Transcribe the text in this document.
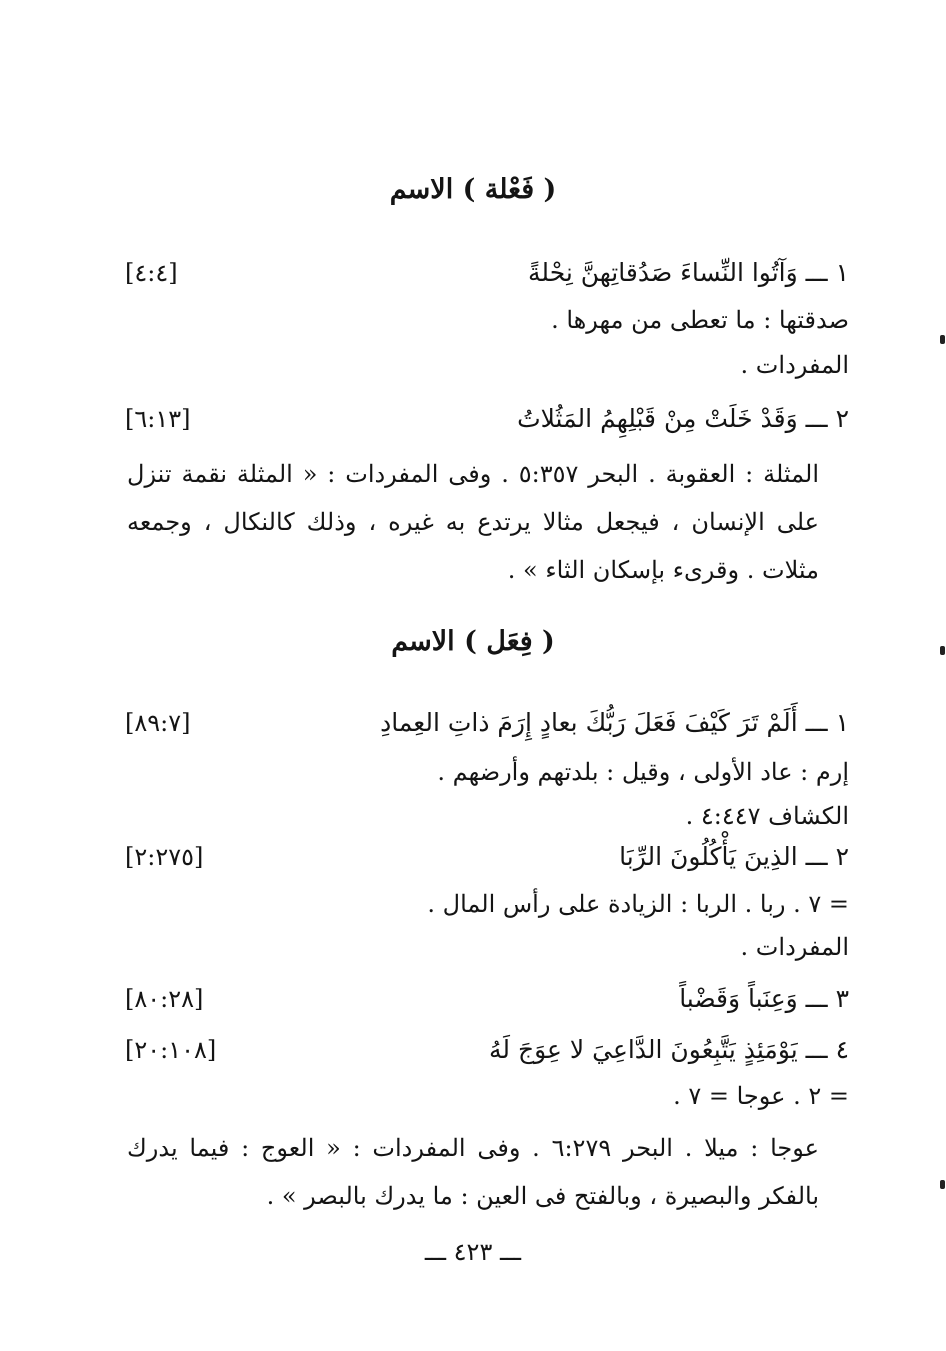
( فَعْلة ) الاسم
١ ـــ وَآتُوا النِّساءَ صَدُقاتِهنَّ نِحْلةً
[٤:٤]
صدقتها : ما تعطى من مهرها .
المفردات .
٢ ـــ وَقَدْ خَلَتْ مِنْ قَبْلِهِمُ المَثُلاتُ
[٦:١٣]
المثلة : العقوبة . البحر ٥:٣٥٧ . وفى المفردات : « المثلة نقمة تنزل على الإنسان ، فيجعل مثالا يرتدع به غيره ، وذلك كالنكال ، وجمعه مثلات . وقرىء بإسكان الثاء » .
( فِعَل ) الاسم
١ ـــ أَلَمْ تَرَ كَيْفَ فَعَلَ رَبُّكَ بعادٍ إِرَمَ ذاتِ العِمادِ
[٨٩:٧]
إرم : عاد الأولى ، وقيل : بلدتهم وأرضهم .
الكشاف ٤:٤٤٧ .
٢ ـــ الذِينَ يَأْكُلُونَ الرِّبَا
[٢:٢٧٥]
= ٧ . ربا . الربا : الزيادة على رأس المال .
المفردات .
٣ ـــ وَعِنَباً وَقَضْباً
[٨٠:٢٨]
٤ ـــ يَوْمَئِذٍ يَتَّبِعُونَ الدَّاعِيَ لا عِوَجَ لَهُ
[٢٠:١٠٨]
= ٢ . عوجا = ٧ .
عوجا : ميلا . البحر ٦:٢٧٩ . وفى المفردات : « العوج : فيما يدرك بالفكر والبصيرة ، وبالفتح فى العين : ما يدرك بالبصر » .
ـــ ٤٢٣ ـــ
